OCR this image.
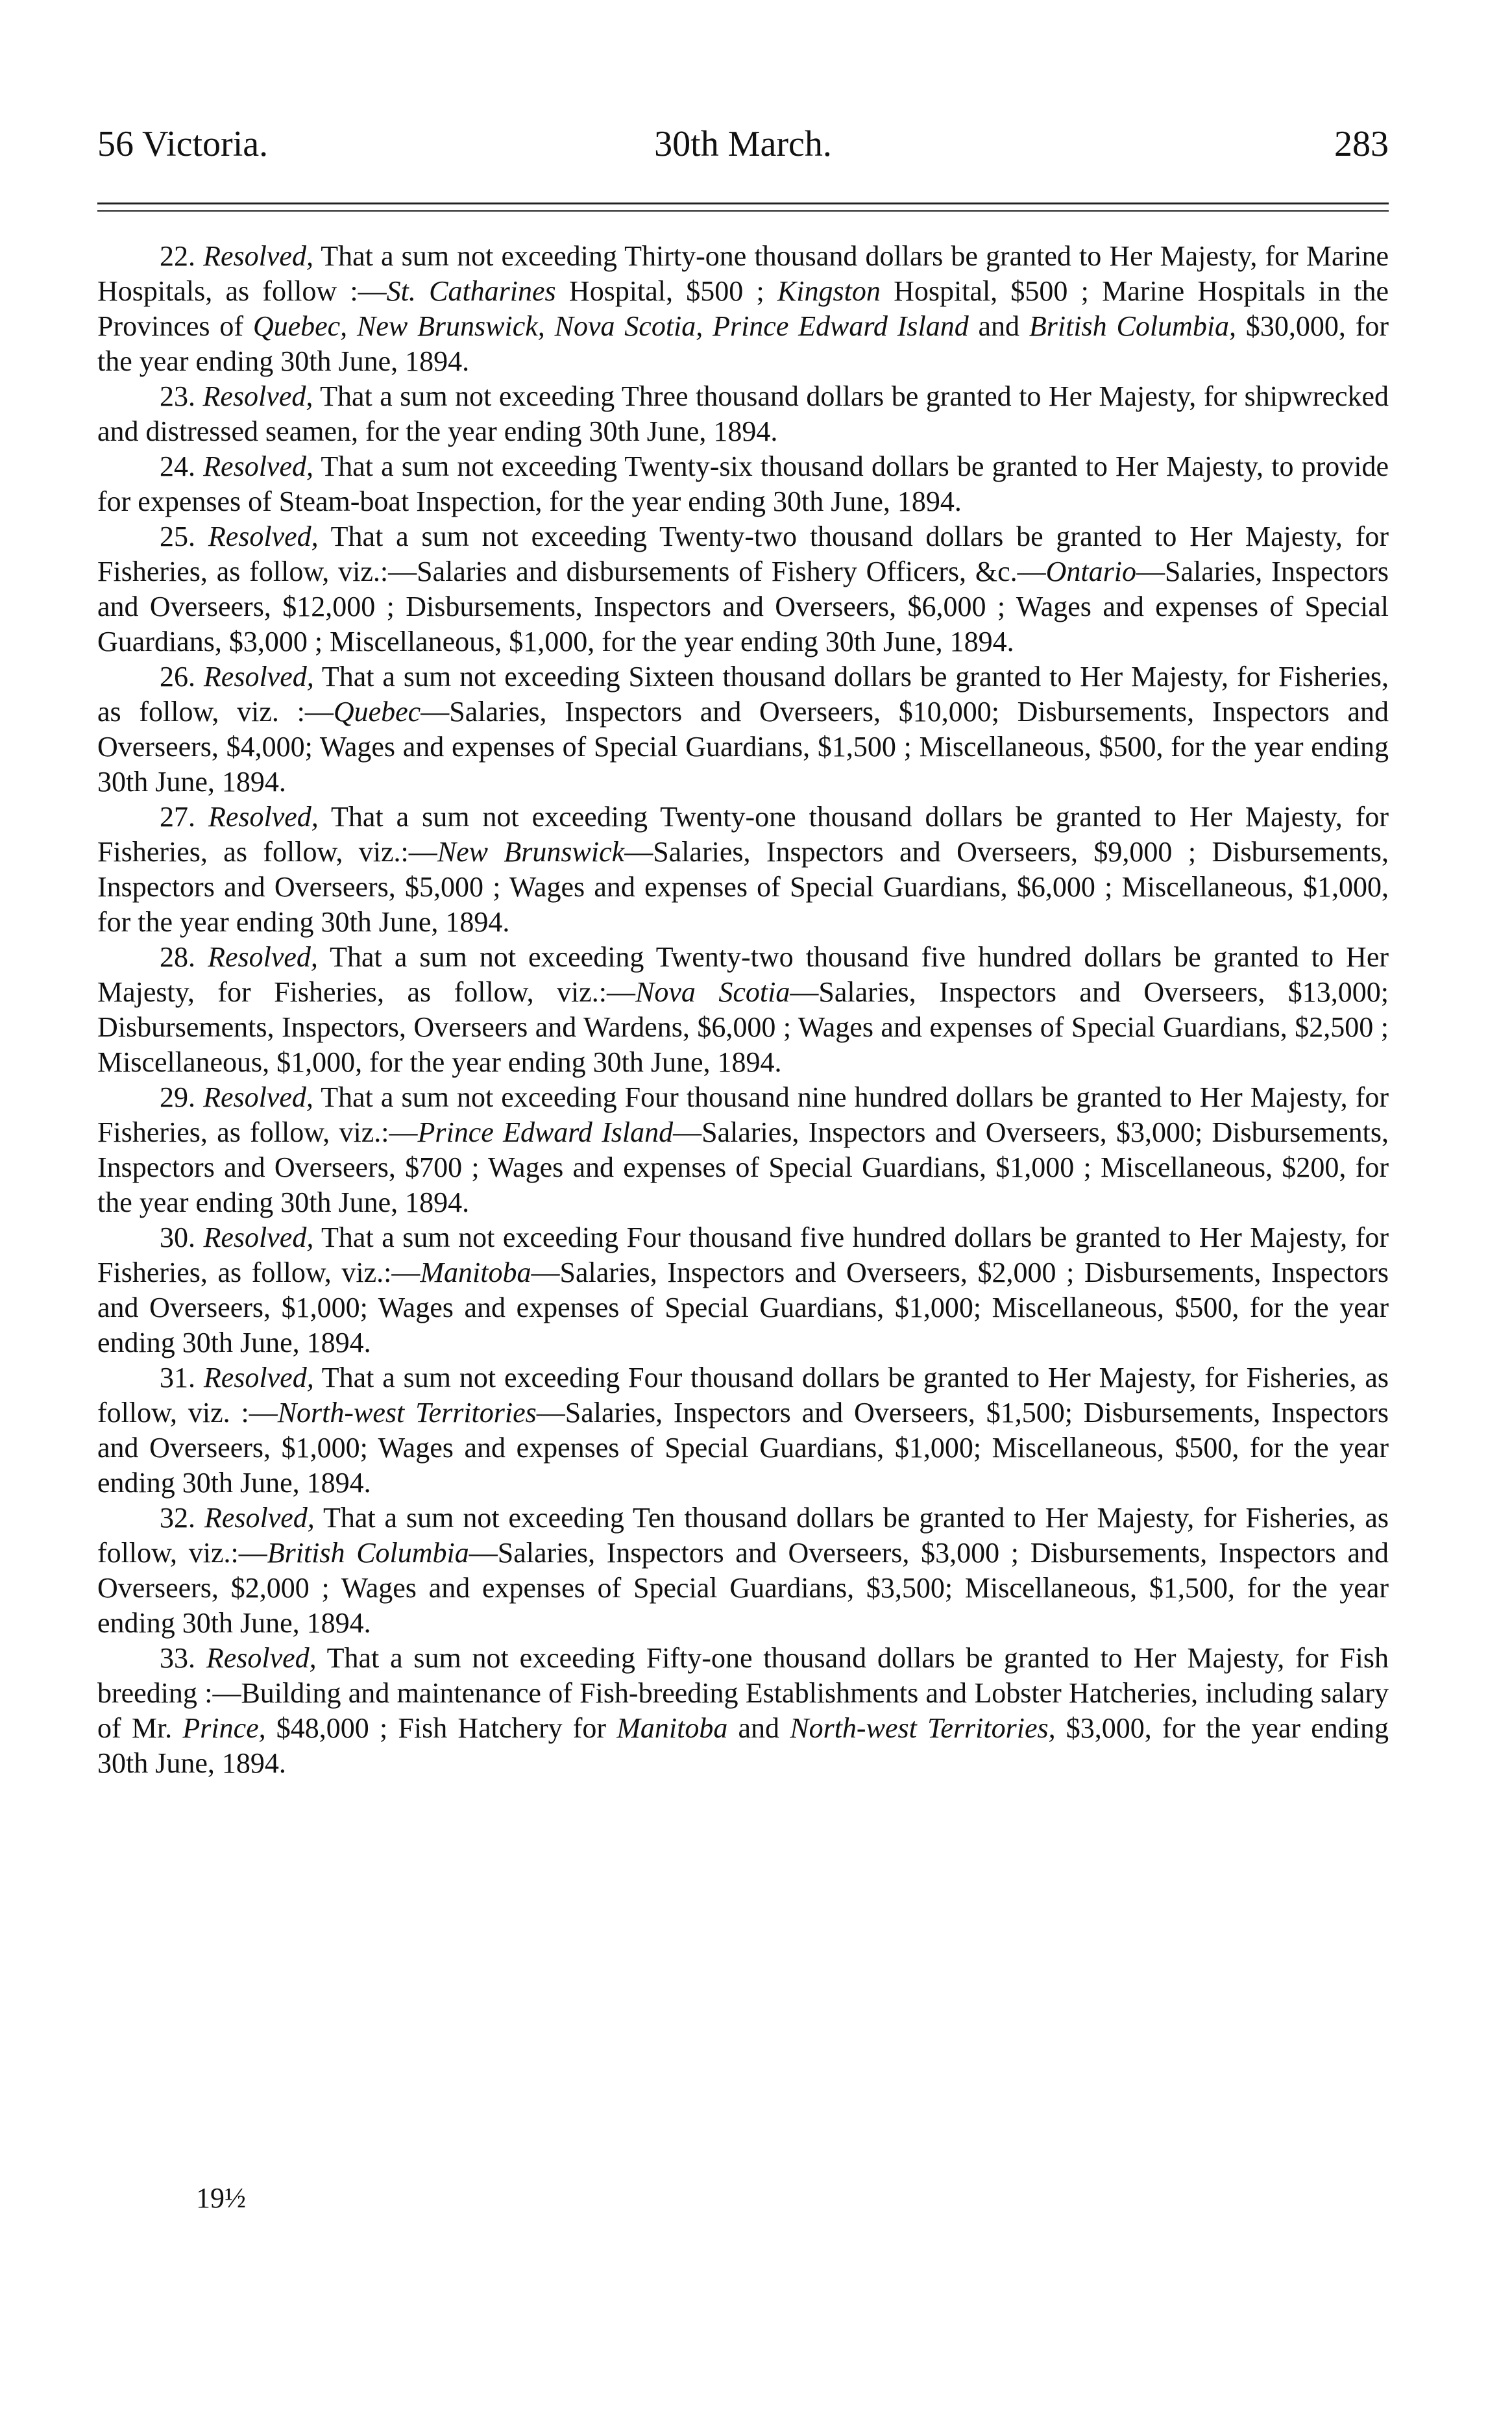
56 Victoria.	30th March.	283

22. Resolved, That a sum not exceeding Thirty-one thousand dollars be granted to Her Majesty, for Marine Hospitals, as follow :—St. Catharines Hospital, $500 ; Kingston Hospital, $500 ; Marine Hospitals in the Provinces of Quebec, New Brunswick, Nova Scotia, Prince Edward Island and British Columbia, $30,000, for the year ending 30th June, 1894.

23. Resolved, That a sum not exceeding Three thousand dollars be granted to Her Majesty, for shipwrecked and distressed seamen, for the year ending 30th June, 1894.

24. Resolved, That a sum not exceeding Twenty-six thousand dollars be granted to Her Majesty, to provide for expenses of Steam-boat Inspection, for the year ending 30th June, 1894.

25. Resolved, That a sum not exceeding Twenty-two thousand dollars be granted to Her Majesty, for Fisheries, as follow, viz.:—Salaries and disbursements of Fishery Officers, &c.—Ontario—Salaries, Inspectors and Overseers, $12,000 ; Disbursements, Inspectors and Overseers, $6,000 ; Wages and expenses of Special Guardians, $3,000 ; Miscellaneous, $1,000, for the year ending 30th June, 1894.

26. Resolved, That a sum not exceeding Sixteen thousand dollars be granted to Her Majesty, for Fisheries, as follow, viz. :—Quebec—Salaries, Inspectors and Overseers, $10,000; Disbursements, Inspectors and Overseers, $4,000; Wages and expenses of Special Guardians, $1,500 ; Miscellaneous, $500, for the year ending 30th June, 1894.

27. Resolved, That a sum not exceeding Twenty-one thousand dollars be granted to Her Majesty, for Fisheries, as follow, viz.:—New Brunswick—Salaries, Inspectors and Overseers, $9,000 ; Disbursements, Inspectors and Overseers, $5,000 ; Wages and expenses of Special Guardians, $6,000 ; Miscellaneous, $1,000, for the year ending 30th June, 1894.

28. Resolved, That a sum not exceeding Twenty-two thousand five hundred dollars be granted to Her Majesty, for Fisheries, as follow, viz.:—Nova Scotia—Salaries, Inspectors and Overseers, $13,000; Disbursements, Inspectors, Overseers and Wardens, $6,000 ; Wages and expenses of Special Guardians, $2,500 ; Miscellaneous, $1,000, for the year ending 30th June, 1894.

29. Resolved, That a sum not exceeding Four thousand nine hundred dollars be granted to Her Majesty, for Fisheries, as follow, viz.:—Prince Edward Island—Salaries, Inspectors and Overseers, $3,000; Disbursements, Inspectors and Overseers, $700 ; Wages and expenses of Special Guardians, $1,000 ; Miscellaneous, $200, for the year ending 30th June, 1894.

30. Resolved, That a sum not exceeding Four thousand five hundred dollars be granted to Her Majesty, for Fisheries, as follow, viz.:—Manitoba—Salaries, Inspectors and Overseers, $2,000 ; Disbursements, Inspectors and Overseers, $1,000; Wages and expenses of Special Guardians, $1,000; Miscellaneous, $500, for the year ending 30th June, 1894.

31. Resolved, That a sum not exceeding Four thousand dollars be granted to Her Majesty, for Fisheries, as follow, viz. :—North-west Territories—Salaries, Inspectors and Overseers, $1,500; Disbursements, Inspectors and Overseers, $1,000; Wages and expenses of Special Guardians, $1,000; Miscellaneous, $500, for the year ending 30th June, 1894.

32. Resolved, That a sum not exceeding Ten thousand dollars be granted to Her Majesty, for Fisheries, as follow, viz.:—British Columbia—Salaries, Inspectors and Overseers, $3,000 ; Disbursements, Inspectors and Overseers, $2,000 ; Wages and expenses of Special Guardians, $3,500; Miscellaneous, $1,500, for the year ending 30th June, 1894.

33. Resolved, That a sum not exceeding Fifty-one thousand dollars be granted to Her Majesty, for Fish breeding :—Building and maintenance of Fish-breeding Establishments and Lobster Hatcheries, including salary of Mr. Prince, $48,000 ; Fish Hatchery for Manitoba and North-west Territories, $3,000, for the year ending 30th June, 1894.

19½
